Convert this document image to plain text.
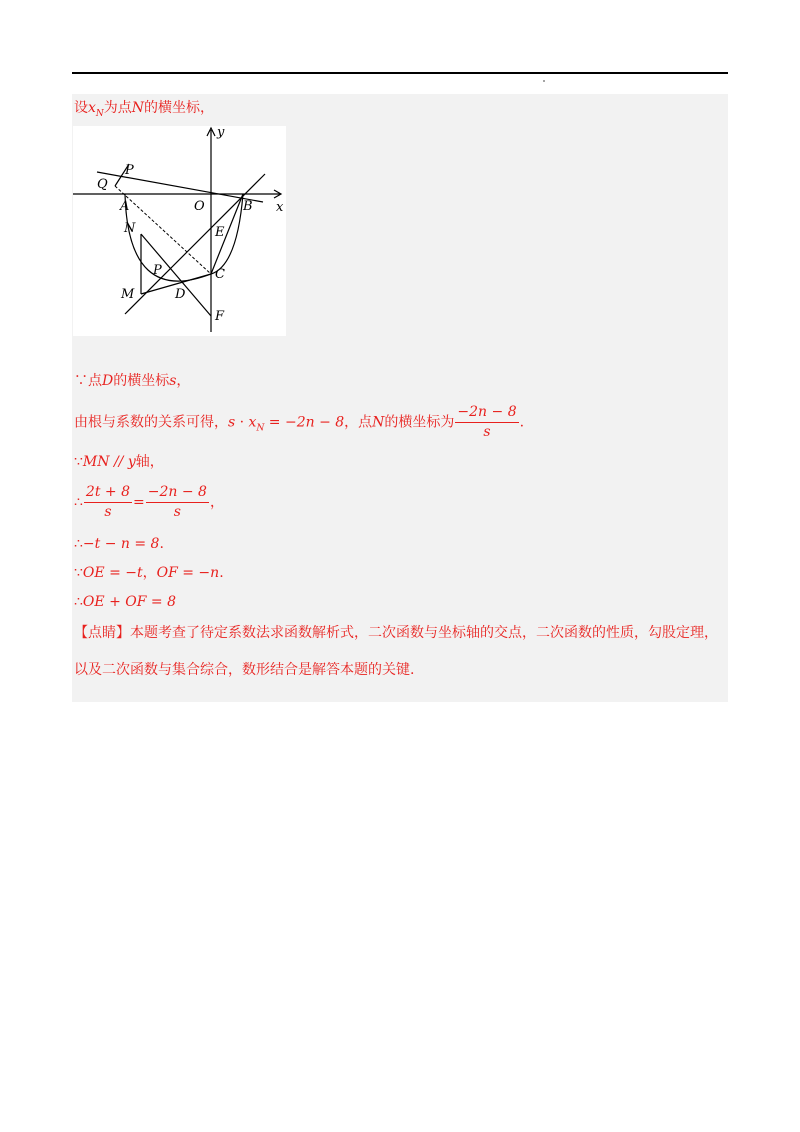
设$x_N$为点N的横坐标，
y
x
P
Q
A	O	B
N	E
P	C
M	D
F
∵点D的横坐标s，
由根与系数的关系可得，$s \cdot x_N = -2n - 8$，点N的横坐标为 $\frac{-2n - 8}{s}$ .
∵MN // y轴，
∴ $\frac{2t + 8}{s} = \frac{-2n - 8}{s}$ ，
∴−t − n = 8.
∵OE = −t，OF = −n.
∴OE + OF = 8
【点睛】本题考查了待定系数法求函数解析式，二次函数与坐标轴的交点，二次函数的性质，勾股定理，
以及二次函数与集合综合，数形结合是解答本题的关键.
